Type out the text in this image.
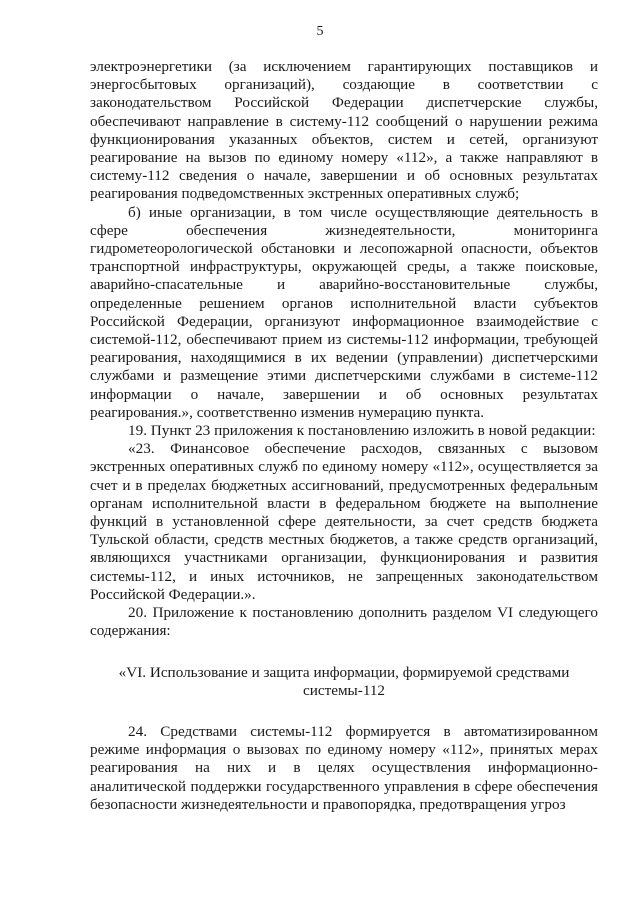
5

электроэнергетики (за исключением гарантирующих поставщиков и энергосбытовых организаций), создающие в соответствии с законодательством Российской Федерации диспетчерские службы, обеспечивают направление в систему-112 сообщений о нарушении режима функционирования указанных объектов, систем и сетей, организуют реагирование на вызов по единому номеру «112», а также направляют в систему-112 сведения о начале, завершении и об основных результатах реагирования подведомственных экстренных оперативных служб;

б) иные организации, в том числе осуществляющие деятельность в сфере обеспечения жизнедеятельности, мониторинга гидрометеорологической обстановки и лесопожарной опасности, объектов транспортной инфраструктуры, окружающей среды, а также поисковые, аварийно-спасательные и аварийно-восстановительные службы, определенные решением органов исполнительной власти субъектов Российской Федерации, организуют информационное взаимодействие с системой-112, обеспечивают прием из системы-112 информации, требующей реагирования, находящимися в их ведении (управлении) диспетчерскими службами и размещение этими диспетчерскими службами в системе-112 информации о начале, завершении и об основных результатах реагирования.», соответственно изменив нумерацию пункта.

19. Пункт 23 приложения к постановлению изложить в новой редакции:

«23. Финансовое обеспечение расходов, связанных с вызовом экстренных оперативных служб по единому номеру «112», осуществляется за счет и в пределах бюджетных ассигнований, предусмотренных федеральным органам исполнительной власти в федеральном бюджете на выполнение функций в установленной сфере деятельности, за счет средств бюджета Тульской области, средств местных бюджетов, а также средств организаций, являющихся участниками организации, функционирования и развития системы-112, и иных источников, не запрещенных законодательством Российской Федерации.».

20. Приложение к постановлению дополнить разделом VI следующего содержания:

«VI. Использование и защита информации, формируемой средствами системы-112

24. Средствами системы-112 формируется в автоматизированном режиме информация о вызовах по единому номеру «112», принятых мерах реагирования на них и в целях осуществления информационно-аналитической поддержки государственного управления в сфере обеспечения безопасности жизнедеятельности и правопорядка, предотвращения угроз
